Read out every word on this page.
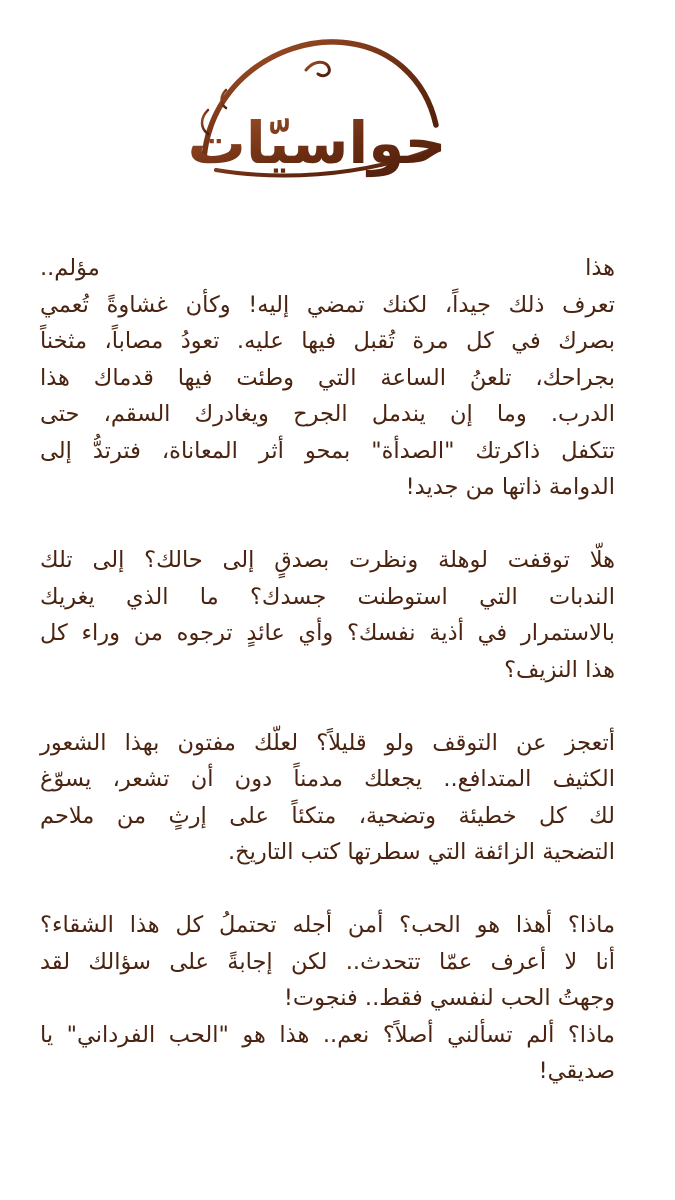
حواسيّات
هذا مؤلم..
تعرف ذلك جيداً، لكنك تمضي إليه! وكأن غشاوةً تُعمي
بصرك في كل مرة تُقبل فيها عليه. تعودُ مصاباً، مثخناً
بجراحك، تلعنُ الساعة التي وطئت فيها قدماك هذا
الدرب. وما إن يندمل الجرح ويغادرك السقم، حتى
تتكفل ذاكرتك "الصدأة" بمحو أثر المعاناة، فترتدُّ إلى
الدوامة ذاتها من جديد!
هلّا توقفت لوهلة ونظرت بصدقٍ إلى حالك؟ إلى تلك
الندبات التي استوطنت جسدك؟ ما الذي يغريك
بالاستمرار في أذية نفسك؟ وأي عائدٍ ترجوه من وراء كل
هذا النزيف؟
أتعجز عن التوقف ولو قليلاً؟ لعلّك مفتون بهذا الشعور
الكثيف المتدافع.. يجعلك مدمناً دون أن تشعر، يسوّغ
لك كل خطيئة وتضحية، متكئاً على إرثٍ من ملاحم
التضحية الزائفة التي سطرتها كتب التاريخ.
ماذا؟ أهذا هو الحب؟ أمن أجله تحتملُ كل هذا الشقاء؟
أنا لا أعرف عمّا تتحدث.. لكن إجابةً على سؤالك لقد
وجهتُ الحب لنفسي فقط.. فنجوت!
ماذا؟ ألم تسألني أصلاً؟ نعم.. هذا هو "الحب الفرداني" يا
صديقي!
